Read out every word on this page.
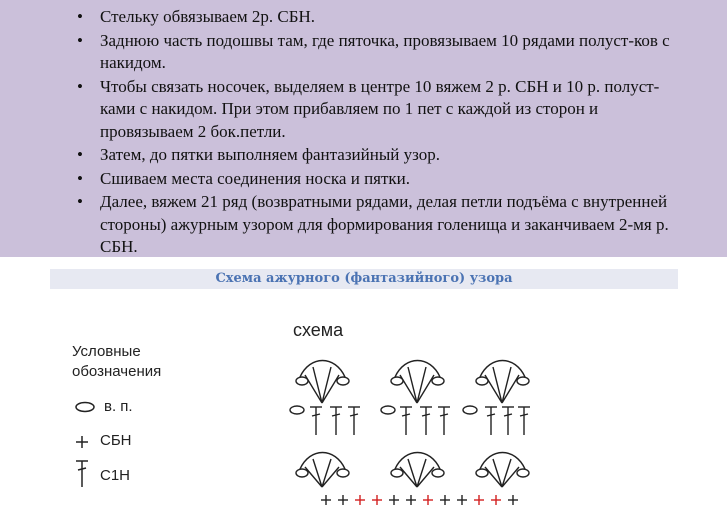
• Стельку обвязываем 2р. СБН.
• Заднюю часть подошвы там, где пяточка, провязываем 10 рядами полуст-ков с накидом.
• Чтобы связать носочек, выделяем в центре 10 вяжем 2 р. СБН и 10 р. полуст-ками с накидом. При этом прибавляем по 1 пет с каждой из сторон и провязываем 2 бок.петли.
• Затем, до пятки выполняем фантазийный узор.
• Сшиваем места соединения носка и пятки.
• Далее, вяжем 21 ряд (возвратными рядами, делая петли подъёма с внутренней стороны) ажурным узором для формирования голенища и заканчиваем 2-мя р. СБН.
Схема ажурного (фантазийного) узора
Условные
обозначения
в. п.
СБН
С1Н
схема
